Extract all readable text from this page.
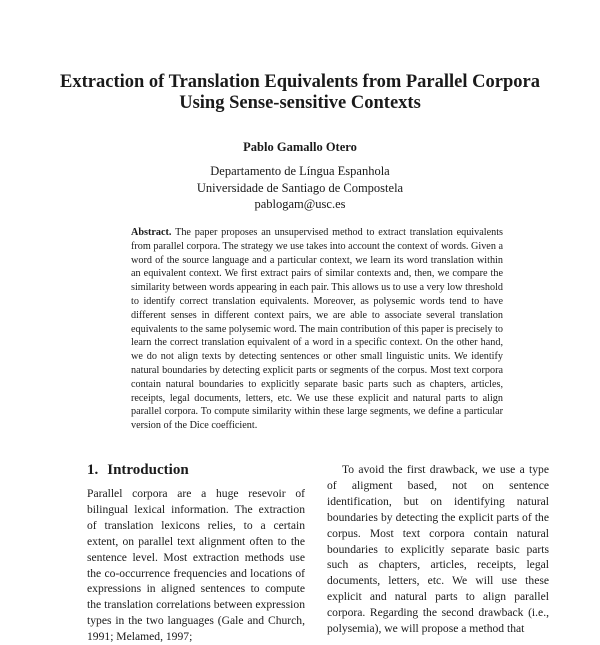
Extraction of Translation Equivalents from Parallel Corpora
Using Sense-sensitive Contexts

Pablo Gamallo Otero

Departamento de Língua Espanhola
Universidade de Santiago de Compostela
pablogam@usc.es

Abstract. The paper proposes an unsupervised method to extract translation equivalents from parallel corpora. The strategy we use takes into account the context of words. Given a word of the source language and a particular context, we learn its word translation within an equivalent context. We first extract pairs of similar contexts and, then, we compare the similarity between words appearing in each pair. This allows us to use a very low threshold to identify correct translation equivalents. Moreover, as polysemic words tend to have different senses in different context pairs, we are able to associate several translation equivalents to the same polysemic word. The main contribution of this paper is precisely to learn the correct translation equivalent of a word in a specific context. On the other hand, we do not align texts by detecting sentences or other small linguistic units. We identify natural boundaries by detecting explicit parts or segments of the corpus. Most text corpora contain natural boundaries to explicitly separate basic parts such as chapters, articles, receipts, legal documents, letters, etc. We use these explicit and natural parts to align parallel corpora. To compute similarity within these large segments, we define a particular version of the Dice coefficient.

1. Introduction

Parallel corpora are a huge resevoir of bilingual lexical information. The extraction of translation lexicons relies, to a certain extent, on parallel text alignment often to the sentence level. Most extraction methods use the co-occurrence frequencies and locations of expressions in aligned sentences to compute the translation correlations between expression types in the two languages (Gale and Church, 1991; Melamed, 1997;

To avoid the first drawback, we use a type of aligment based, not on sentence identification, but on identifying natural boundaries by detecting the explicit parts of the corpus. Most text corpora contain natural boundaries to explicitly separate basic parts such as chapters, articles, receipts, legal documents, letters, etc. We will use these explicit and natural parts to align parallel corpora. Regarding the second drawback (i.e., polysemia), we will propose a method that
